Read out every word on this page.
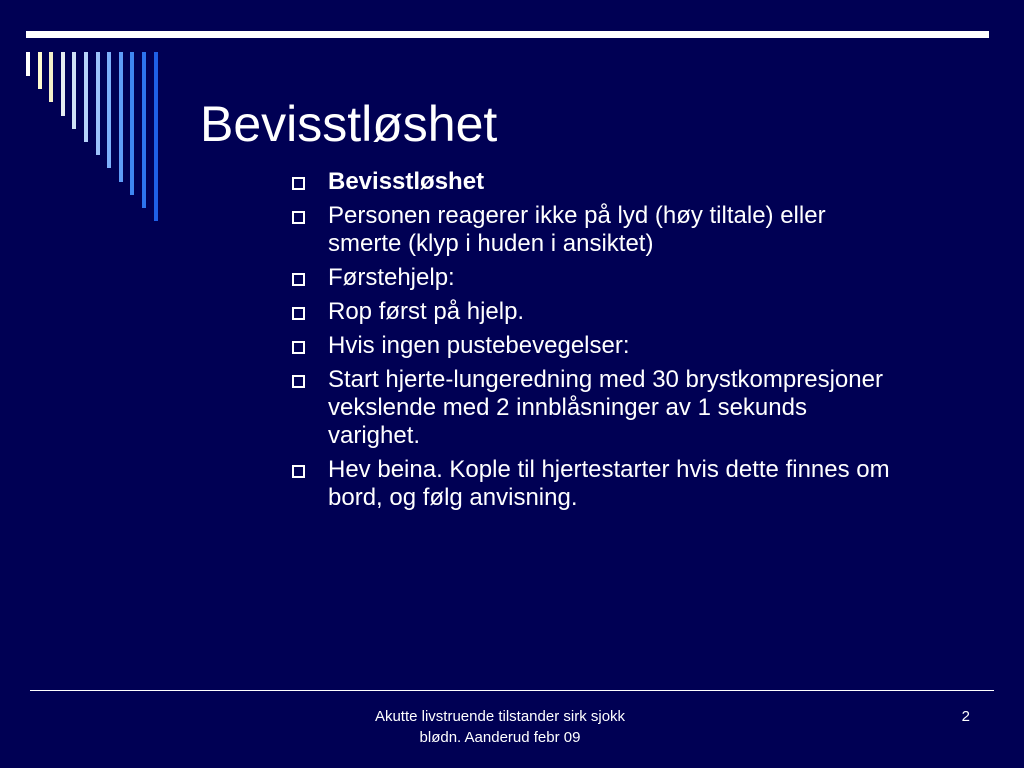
Bevisstløshet
Bevisstløshet
Personen reagerer ikke på lyd (høy tiltale) eller smerte (klyp i huden i ansiktet)
Førstehjelp:
Rop først på hjelp.
Hvis ingen pustebevegelser:
Start hjerte-lungeredning med 30 brystkompresjoner vekslende med 2 innblåsninger av 1 sekunds varighet.
Hev beina. Kople til hjertestarter hvis dette finnes om bord, og følg anvisning.
Akutte livstruende tilstander sirk sjokk
blødn. Aanderud febr 09
2
